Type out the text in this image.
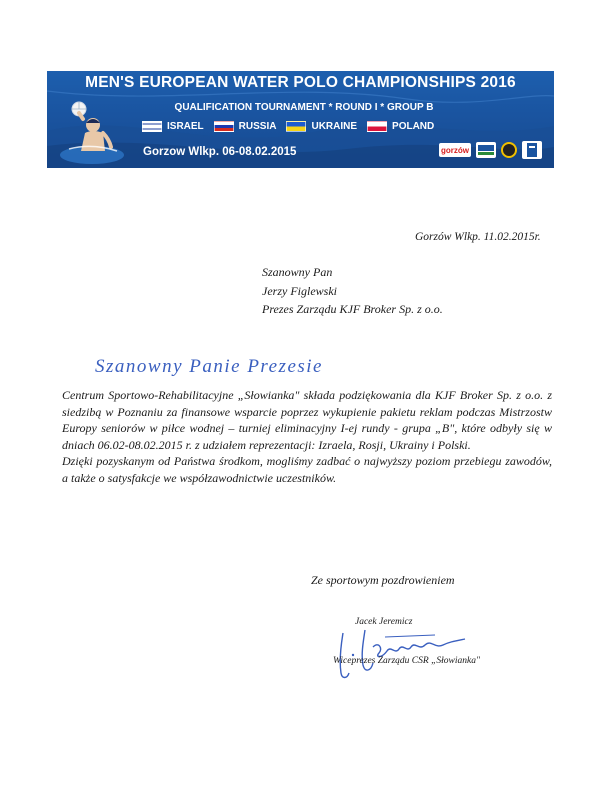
MEN'S EUROPEAN WATER POLO CHAMPIONSHIPS 2016
QUALIFICATION TOURNAMENT * ROUND I * GROUP B
ISRAEL	RUSSIA	UKRAINE	POLAND
Gorzow Wlkp. 06-08.02.2015	gorzów
Gorzów Wlkp. 11.02.2015r.
Szanowny Pan
Jerzy Figlewski
Prezes Zarządu KJF Broker Sp. z o.o.
Szanowny Panie Prezesie

Centrum Sportowo-Rehabilitacyjne „Słowianka" składa podziękowania dla KJF Broker Sp. z o.o. z siedzibą w Poznaniu za finansowe wsparcie poprzez wykupienie pakietu reklam podczas Mistrzostw Europy seniorów w piłce wodnej – turniej eliminacyjny I-ej rundy - grupa „B", które odbyły się w dniach 06.02-08.02.2015 r. z udziałem reprezentacji: Izraela, Rosji, Ukrainy i Polski.

Dzięki pozyskanym od Państwa środkom, mogliśmy zadbać o najwyższy poziom przebiegu zawodów, a także o satysfakcje we współzawodnictwie uczestników.

Ze sportowym pozdrowieniem
Jacek Jeremicz
Wiceprezes Zarządu CSR „Słowianka"
